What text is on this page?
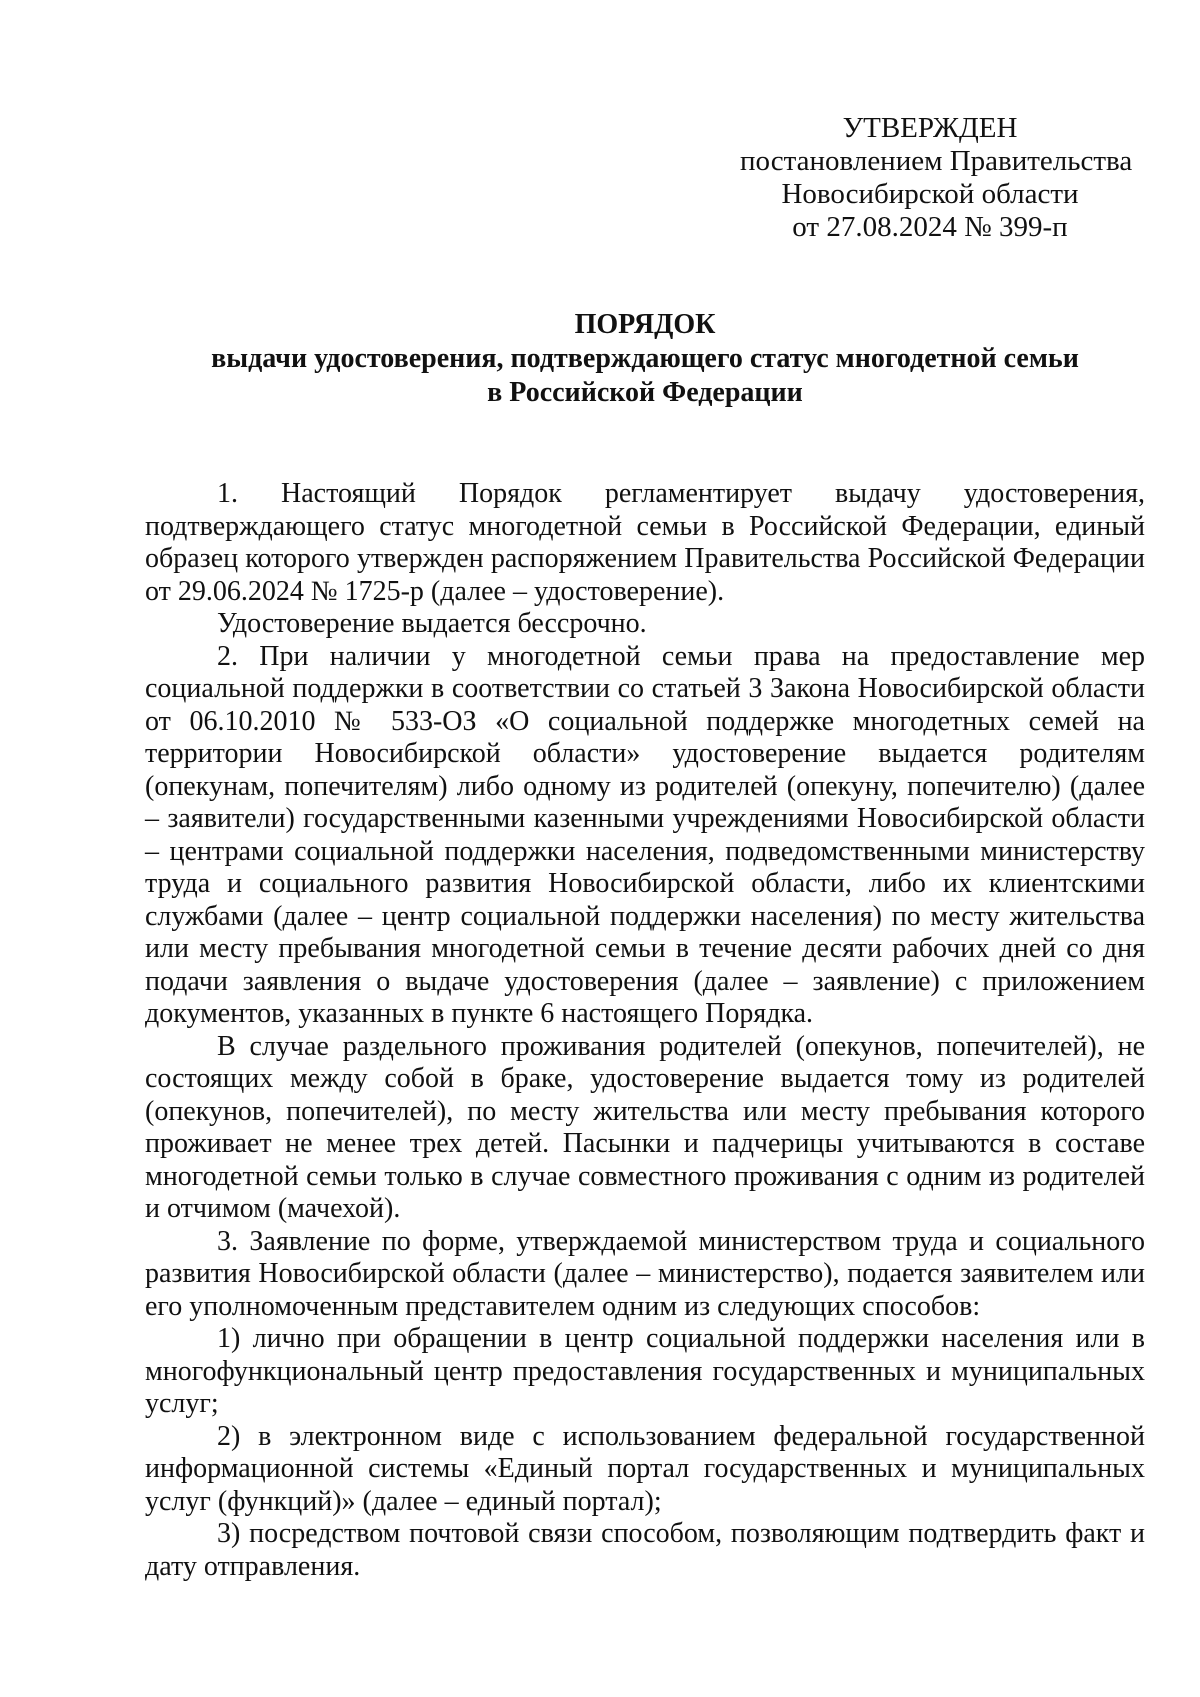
УТВЕРЖДЕН
постановлением Правительства
Новосибирской области
от 27.08.2024 № 399-п
ПОРЯДОК
выдачи удостоверения, подтверждающего статус многодетной семьи
в Российской Федерации

1. Настоящий Порядок регламентирует выдачу удостоверения, подтверждающего статус многодетной семьи в Российской Федерации, единый образец которого утвержден распоряжением Правительства Российской Федерации от 29.06.2024 № 1725-р (далее – удостоверение).

Удостоверение выдается бессрочно.

2. При наличии у многодетной семьи права на предоставление мер социальной поддержки в соответствии со статьей 3 Закона Новосибирской области от 06.10.2010 № 533-ОЗ «О социальной поддержке многодетных семей на территории Новосибирской области» удостоверение выдается родителям (опекунам, попечителям) либо одному из родителей (опекуну, попечителю) (далее – заявители) государственными казенными учреждениями Новосибирской области – центрами социальной поддержки населения, подведомственными министерству труда и социального развития Новосибирской области, либо их клиентскими службами (далее – центр социальной поддержки населения) по месту жительства или месту пребывания многодетной семьи в течение десяти рабочих дней со дня подачи заявления о выдаче удостоверения (далее – заявление) с приложением документов, указанных в пункте 6 настоящего Порядка.

В случае раздельного проживания родителей (опекунов, попечителей), не состоящих между собой в браке, удостоверение выдается тому из родителей (опекунов, попечителей), по месту жительства или месту пребывания которого проживает не менее трех детей. Пасынки и падчерицы учитываются в составе многодетной семьи только в случае совместного проживания с одним из родителей и отчимом (мачехой).

3. Заявление по форме, утверждаемой министерством труда и социального развития Новосибирской области (далее – министерство), подается заявителем или его уполномоченным представителем одним из следующих способов:

1) лично при обращении в центр социальной поддержки населения или в многофункциональный центр предоставления государственных и муниципальных услуг;

2) в электронном виде с использованием федеральной государственной информационной системы «Единый портал государственных и муниципальных услуг (функций)» (далее – единый портал);

3) посредством почтовой связи способом, позволяющим подтвердить факт и дату отправления.
